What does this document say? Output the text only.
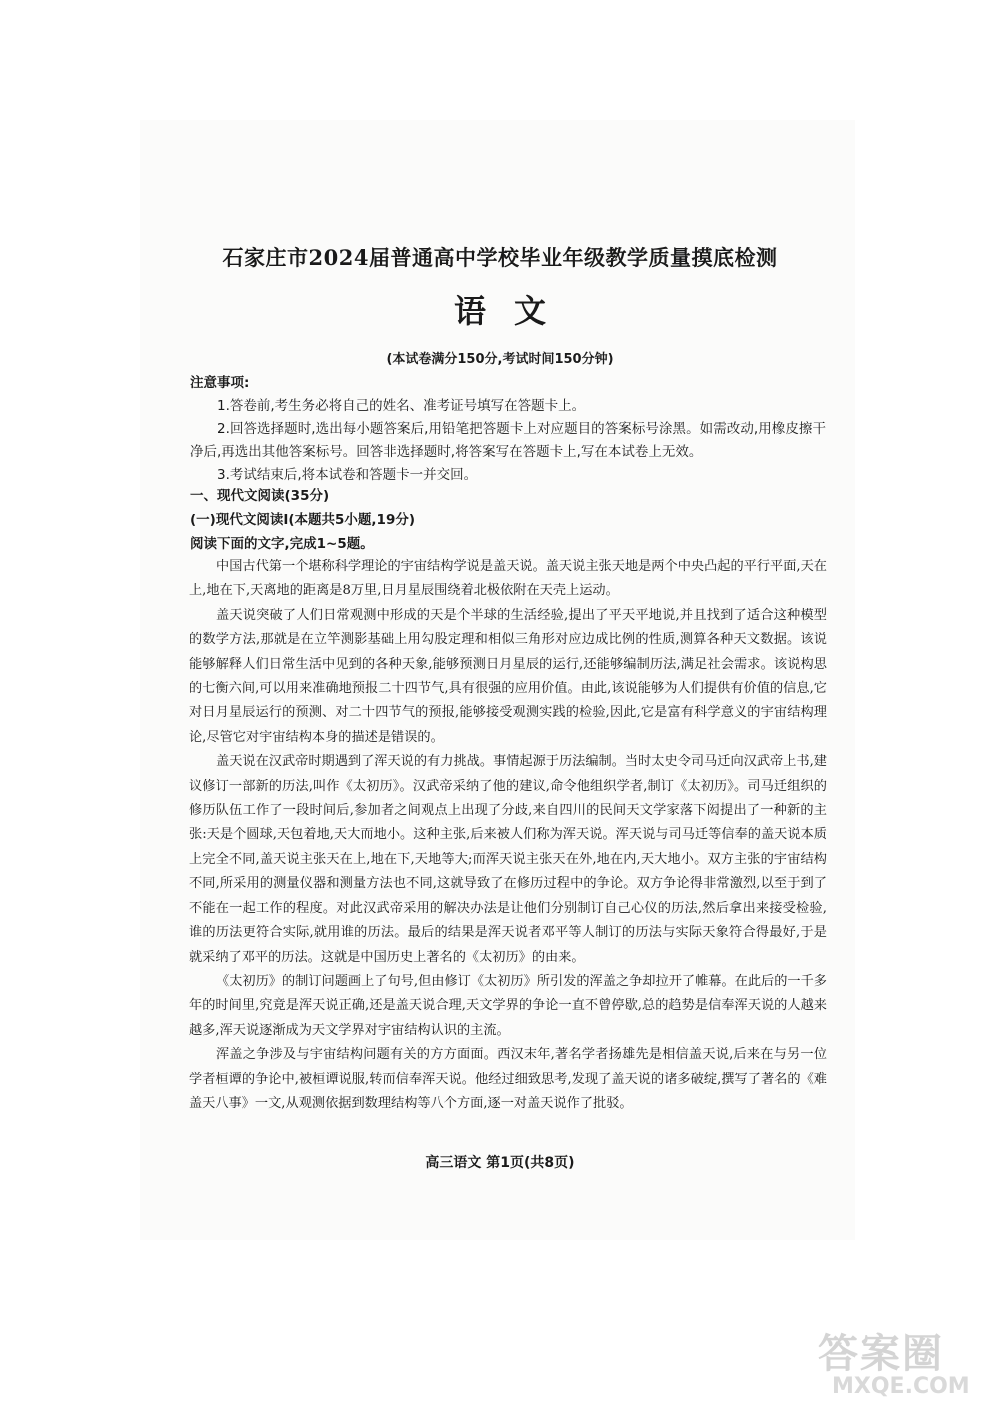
石家庄市2024届普通高中学校毕业年级教学质量摸底检测
语文
(本试卷满分150分,考试时间150分钟)
注意事项:

1.答卷前,考生务必将自己的姓名、准考证号填写在答题卡上。

2.回答选择题时,选出每小题答案后,用铅笔把答题卡上对应题目的答案标号涂黑。如需改动,用橡皮擦干净后,再选出其他答案标号。回答非选择题时,将答案写在答题卡上,写在本试卷上无效。

3.考试结束后,将本试卷和答题卡一并交回。

一、现代文阅读(35分)
(一)现代文阅读Ⅰ(本题共5小题,19分)
阅读下面的文字,完成1~5题。

中国古代第一个堪称科学理论的宇宙结构学说是盖天说。盖天说主张天地是两个中央凸起的平行平面,天在上,地在下,天离地的距离是8万里,日月星辰围绕着北极依附在天壳上运动。

盖天说突破了人们日常观测中形成的天是个半球的生活经验,提出了平天平地说,并且找到了适合这种模型的数学方法,那就是在立竿测影基础上用勾股定理和相似三角形对应边成比例的性质,测算各种天文数据。该说能够解释人们日常生活中见到的各种天象,能够预测日月星辰的运行,还能够编制历法,满足社会需求。该说构思的七衡六间,可以用来准确地预报二十四节气,具有很强的应用价值。由此,该说能够为人们提供有价值的信息,它对日月星辰运行的预测、对二十四节气的预报,能够接受观测实践的检验,因此,它是富有科学意义的宇宙结构理论,尽管它对宇宙结构本身的描述是错误的。

盖天说在汉武帝时期遇到了浑天说的有力挑战。事情起源于历法编制。当时太史令司马迁向汉武帝上书,建议修订一部新的历法,叫作《太初历》。汉武帝采纳了他的建议,命令他组织学者,制订《太初历》。司马迁组织的修历队伍工作了一段时间后,参加者之间观点上出现了分歧,来自四川的民间天文学家落下闳提出了一种新的主张:天是个圆球,天包着地,天大而地小。这种主张,后来被人们称为浑天说。浑天说与司马迁等信奉的盖天说本质上完全不同,盖天说主张天在上,地在下,天地等大;而浑天说主张天在外,地在内,天大地小。双方主张的宇宙结构不同,所采用的测量仪器和测量方法也不同,这就导致了在修历过程中的争论。双方争论得非常激烈,以至于到了不能在一起工作的程度。对此汉武帝采用的解决办法是让他们分别制订自己心仪的历法,然后拿出来接受检验,谁的历法更符合实际,就用谁的历法。最后的结果是浑天说者邓平等人制订的历法与实际天象符合得最好,于是就采纳了邓平的历法。这就是中国历史上著名的《太初历》的由来。

《太初历》的制订问题画上了句号,但由修订《太初历》所引发的浑盖之争却拉开了帷幕。在此后的一千多年的时间里,究竟是浑天说正确,还是盖天说合理,天文学界的争论一直不曾停歇,总的趋势是信奉浑天说的人越来越多,浑天说逐渐成为天文学界对宇宙结构认识的主流。

浑盖之争涉及与宇宙结构问题有关的方方面面。西汉末年,著名学者扬雄先是相信盖天说,后来在与另一位学者桓谭的争论中,被桓谭说服,转而信奉浑天说。他经过细致思考,发现了盖天说的诸多破绽,撰写了著名的《难盖天八事》一文,从观测依据到数理结构等八个方面,逐一对盖天说作了批驳。

高三语文 第1页(共8页)
答案圈
MXQE.COM
